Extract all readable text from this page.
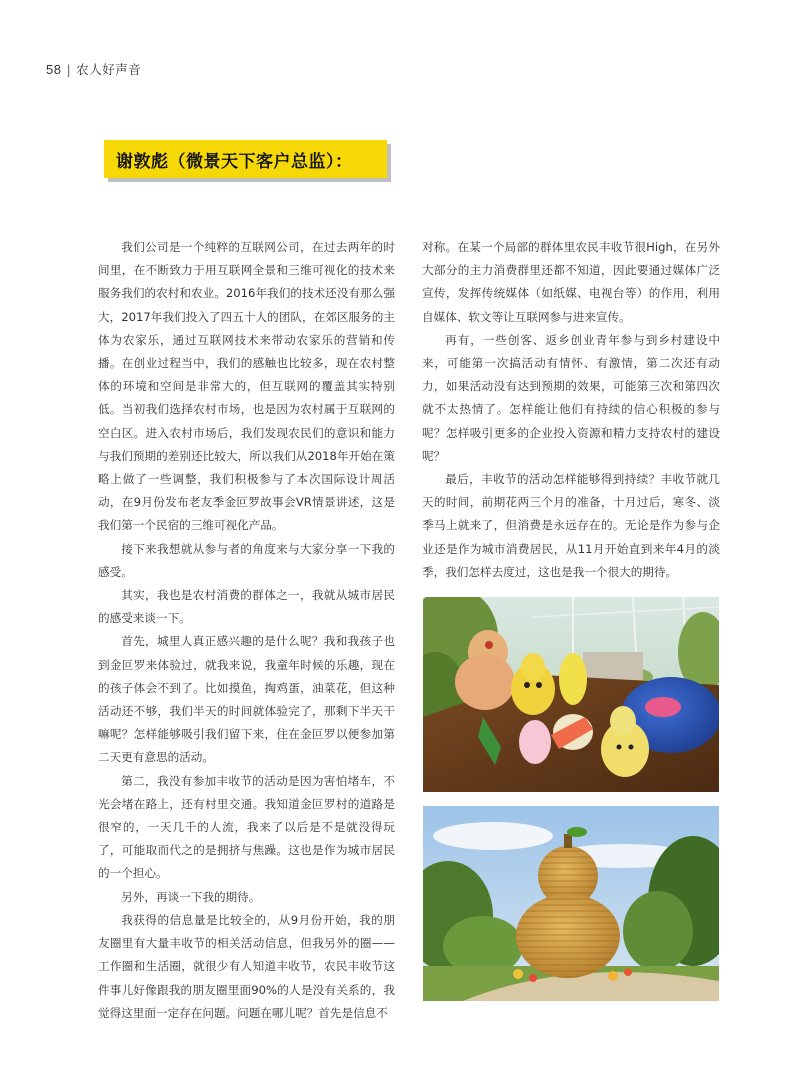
58 | 农人好声音
谢敦彪（微景天下客户总监）：

我们公司是一个纯粹的互联网公司，在过去两年的时间里，在不断致力于用互联网全景和三维可视化的技术来服务我们的农村和农业。2016年我们的技术还没有那么强大，2017年我们投入了四五十人的团队，在郊区服务的主体为农家乐，通过互联网技术来带动农家乐的营销和传播。在创业过程当中，我们的感触也比较多，现在农村整体的环境和空间是非常大的，但互联网的覆盖其实特别低。当初我们选择农村市场，也是因为农村属于互联网的空白区。进入农村市场后，我们发现农民们的意识和能力与我们预期的差别还比较大，所以我们从2018年开始在策略上做了一些调整，我们积极参与了本次国际设计周活动，在9月份发布老友季金叵罗故事会VR情景讲述，这是我们第一个民宿的三维可视化产品。

接下来我想就从参与者的角度来与大家分享一下我的感受。

其实，我也是农村消费的群体之一，我就从城市居民的感受来谈一下。

首先，城里人真正感兴趣的是什么呢？我和我孩子也到金叵罗来体验过，就我来说，我童年时候的乐趣，现在的孩子体会不到了。比如摸鱼，掏鸡蛋，油菜花，但这种活动还不够，我们半天的时间就体验完了，那剩下半天干嘛呢？怎样能够吸引我们留下来，住在金叵罗以便参加第二天更有意思的活动。

第二，我没有参加丰收节的活动是因为害怕堵车，不光会堵在路上，还有村里交通。我知道金叵罗村的道路是很窄的，一天几千的人流，我来了以后是不是就没得玩了，可能取而代之的是拥挤与焦躁。这也是作为城市居民的一个担心。

另外，再谈一下我的期待。

我获得的信息量是比较全的，从9月份开始，我的朋友圈里有大量丰收节的相关活动信息，但我另外的圈——工作圈和生活圈，就很少有人知道丰收节，农民丰收节这件事儿好像跟我的朋友圈里面90%的人是没有关系的，我觉得这里面一定存在问题。问题在哪儿呢？首先是信息不

对称。在某一个局部的群体里农民丰收节很High，在另外大部分的主力消费群里还都不知道，因此要通过媒体广泛宣传，发挥传统媒体（如纸媒、电视台等）的作用，利用自媒体、软文等让互联网参与进来宣传。

再有，一些创客、返乡创业青年参与到乡村建设中来，可能第一次搞活动有情怀、有激情，第二次还有动力，如果活动没有达到预期的效果，可能第三次和第四次就不太热情了。怎样能让他们有持续的信心积极的参与呢？怎样吸引更多的企业投入资源和精力支持农村的建设呢？

最后，丰收节的活动怎样能够得到持续？丰收节就几天的时间，前期花两三个月的准备，十月过后，寒冬、淡季马上就来了，但消费是永远存在的。无论是作为参与企业还是作为城市消费居民，从11月开始直到来年4月的淡季，我们怎样去度过，这也是我一个很大的期待。
